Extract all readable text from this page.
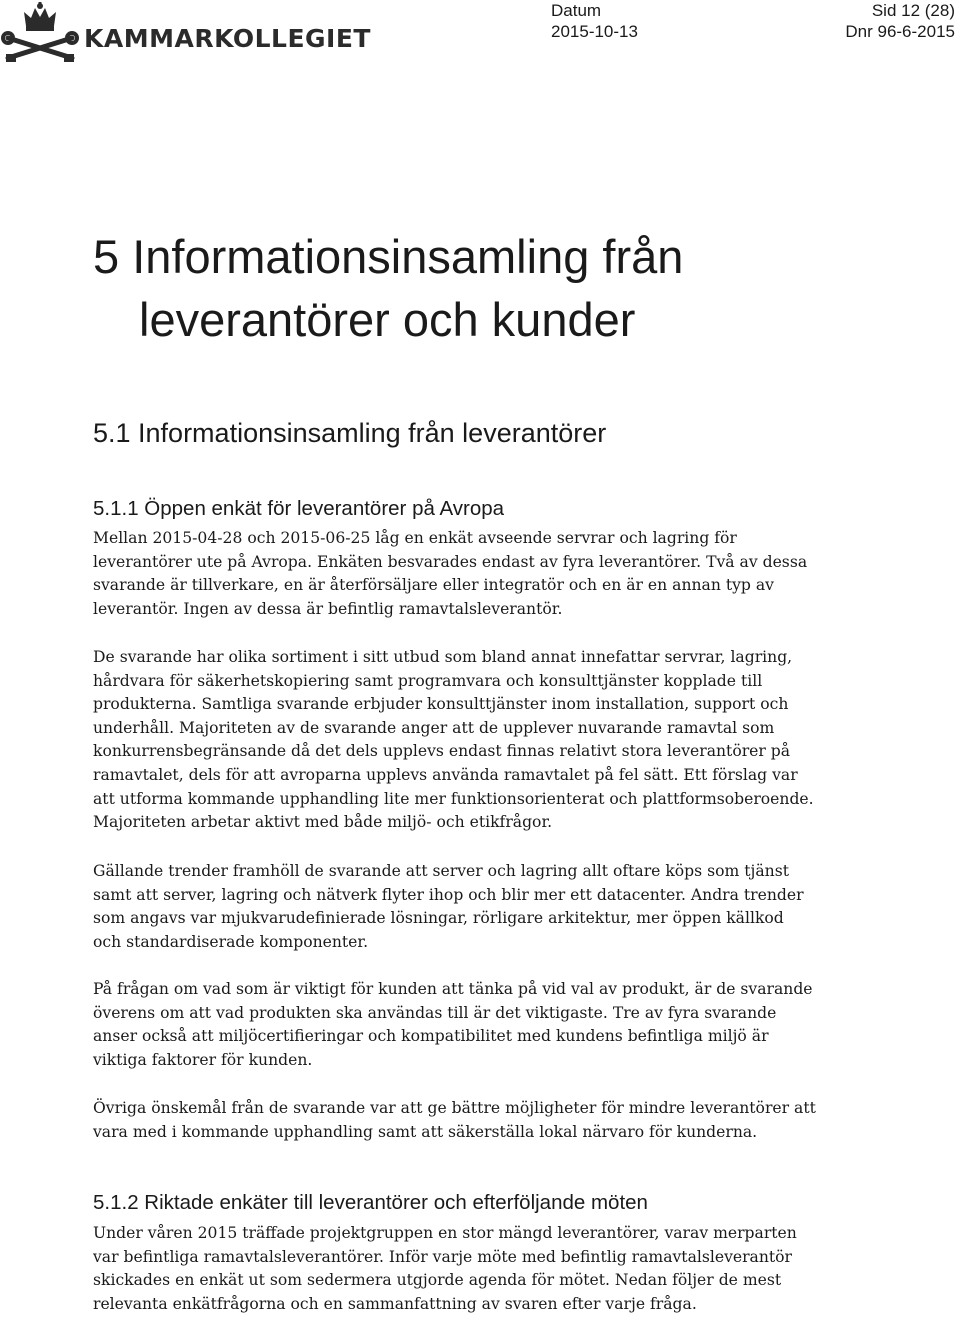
KAMMARKOLLEGIET
Datum
2015-10-13
Sid 12 (28)
Dnr 96-6-2015
5 Informationsinsamling från
leverantörer och kunder
5.1 Informationsinsamling från leverantörer
5.1.1 Öppen enkät för leverantörer på Avropa
Mellan 2015-04-28 och 2015-06-25 låg en enkät avseende servrar och lagring för
leverantörer ute på Avropa. Enkäten besvarades endast av fyra leverantörer. Två av dessa
svarande är tillverkare, en är återförsäljare eller integratör och en är en annan typ av
leverantör. Ingen av dessa är befintlig ramavtalsleverantör.
De svarande har olika sortiment i sitt utbud som bland annat innefattar servrar, lagring,
hårdvara för säkerhetskopiering samt programvara och konsulttjänster kopplade till
produkterna. Samtliga svarande erbjuder konsulttjänster inom installation, support och
underhåll. Majoriteten av de svarande anger att de upplever nuvarande ramavtal som
konkurrensbegränsande då det dels upplevs endast finnas relativt stora leverantörer på
ramavtalet, dels för att avroparna upplevs använda ramavtalet på fel sätt. Ett förslag var
att utforma kommande upphandling lite mer funktionsorienterat och plattformsoberoende.
Majoriteten arbetar aktivt med både miljö- och etikfrågor.
Gällande trender framhöll de svarande att server och lagring allt oftare köps som tjänst
samt att server, lagring och nätverk flyter ihop och blir mer ett datacenter. Andra trender
som angavs var mjukvarudefinierade lösningar, rörligare arkitektur, mer öppen källkod
och standardiserade komponenter.
På frågan om vad som är viktigt för kunden att tänka på vid val av produkt, är de svarande
överens om att vad produkten ska användas till är det viktigaste. Tre av fyra svarande
anser också att miljöcertifieringar och kompatibilitet med kundens befintliga miljö är
viktiga faktorer för kunden.
Övriga önskemål från de svarande var att ge bättre möjligheter för mindre leverantörer att
vara med i kommande upphandling samt att säkerställa lokal närvaro för kunderna.
5.1.2 Riktade enkäter till leverantörer och efterföljande möten
Under våren 2015 träffade projektgruppen en stor mängd leverantörer, varav merparten
var befintliga ramavtalsleverantörer. Inför varje möte med befintlig ramavtalsleverantör
skickades en enkät ut som sedermera utgjorde agenda för mötet. Nedan följer de mest
relevanta enkätfrågorna och en sammanfattning av svaren efter varje fråga.
